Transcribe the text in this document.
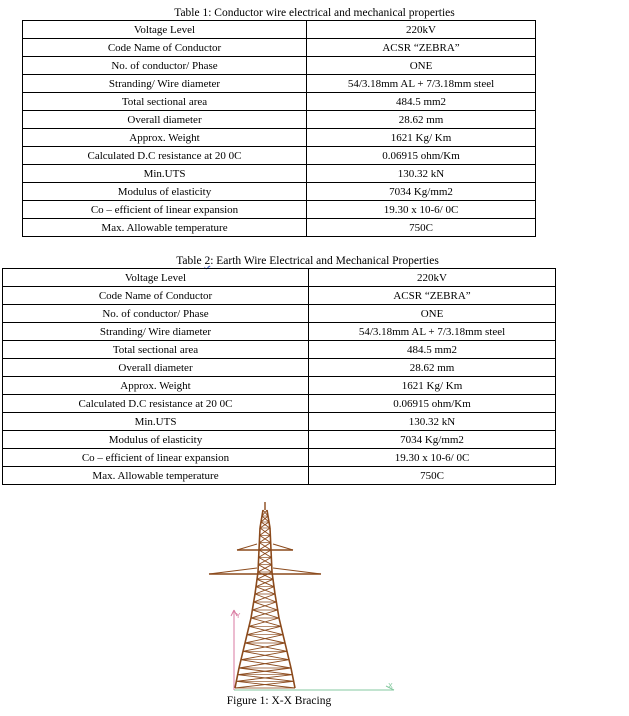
Table 1: Conductor wire electrical and mechanical properties
Voltage Level	220kV
Code Name of Conductor	ACSR “ZEBRA”
No. of conductor/ Phase	ONE
Stranding/ Wire diameter	54/3.18mm AL + 7/3.18mm steel
Total sectional area	484.5 mm2
Overall diameter	28.62 mm
Approx. Weight	1621 Kg/ Km
Calculated D.C resistance at 20 0C	0.06915 ohm/Km
Min.UTS	130.32 kN
Modulus of elasticity	7034 Kg/mm2
Co – efficient of linear expansion	19.30 x 10-6/ 0C
Max. Allowable temperature	750C
Table 2: Earth Wire Electrical and Mechanical Properties
Voltage Level	220kV
Code Name of Conductor	ACSR “ZEBRA”
No. of conductor/ Phase	ONE
Stranding/ Wire diameter	54/3.18mm AL + 7/3.18mm steel
Total sectional area	484.5 mm2
Overall diameter	28.62 mm
Approx. Weight	1621 Kg/ Km
Calculated D.C resistance at 20 0C	0.06915 ohm/Km
Min.UTS	130.32 kN
Modulus of elasticity	7034 Kg/mm2
Co – efficient of linear expansion	19.30 x 10-6/ 0C
Max. Allowable temperature	750C
Y
X
Figure 1: X-X Bracing
